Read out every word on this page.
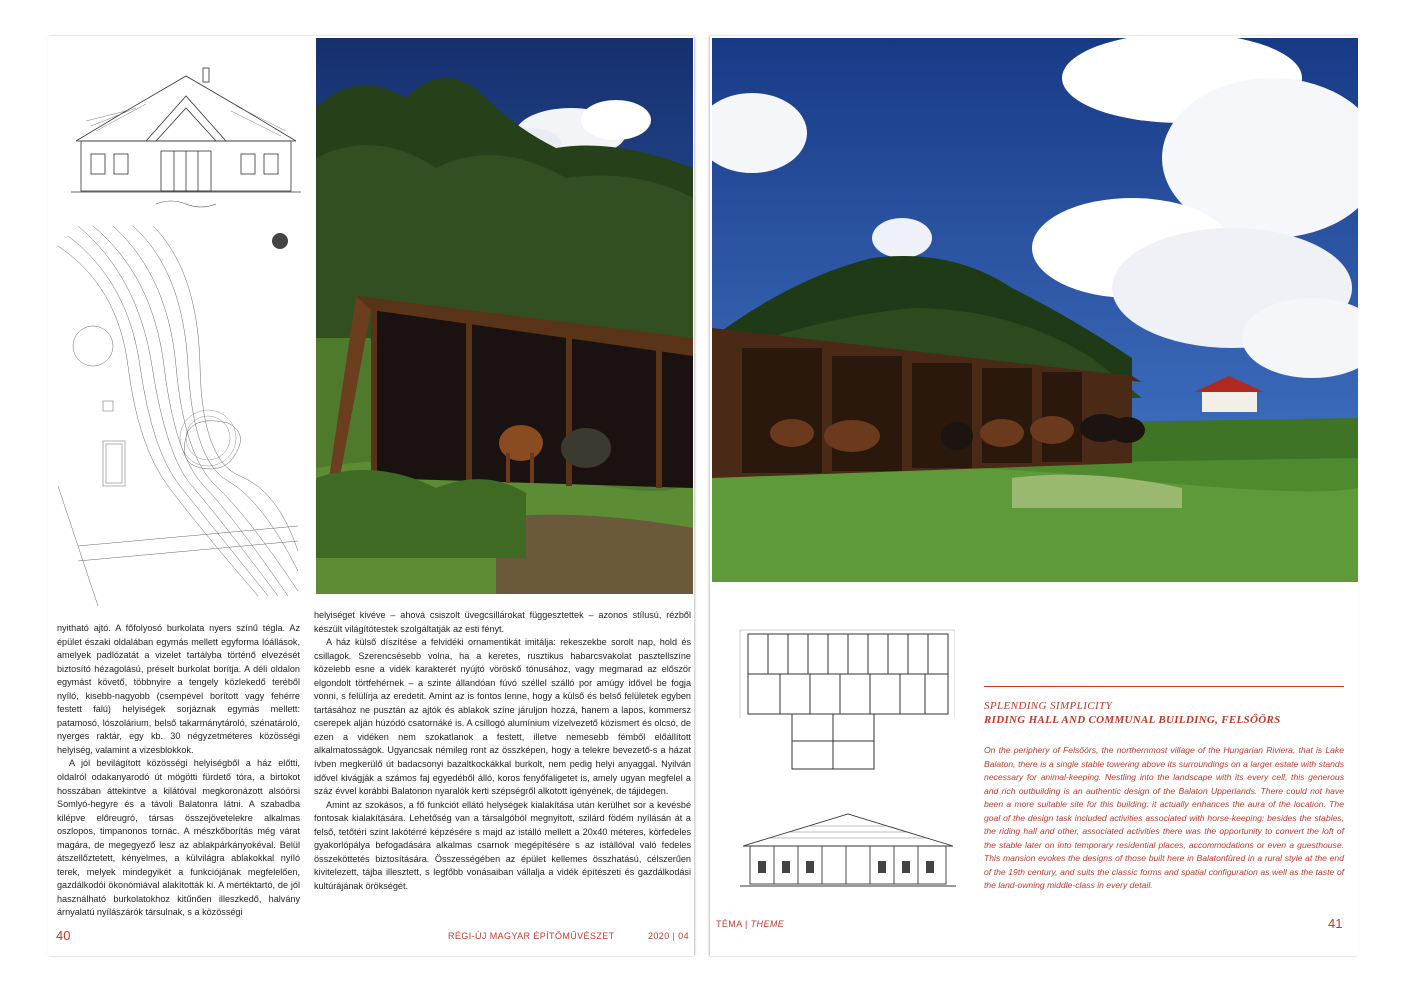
nyitható ajtó. A főfolyosó burkolata nyers színű tégla. Az épület északi oldalában egymás mellett egyforma lóállások, amelyek padlózatát a vizelet tartályba történő elvezését biztosító hézagolású, préselt burkolat borítja. A déli oldalon egymást követő, többnyire a tengely közlekedő teréből nyíló, kisebb-nagyobb (csempével borított vagy fehérre festett falú) helyiségek sorjáznak egymás mellett: patamosó, lószolárium, belső takarmánytároló, szénatároló, nyerges raktár, egy kb. 30 négyzetméteres közösségi helyiség, valamint a vizesblokkok.

A jól bevilágított közösségi helyiségből a ház előtti, oldalról odakanyarodó út mögötti fürdető tóra, a birtokot hosszában áttekintve a kilátóval megkoronázott alsóörsi Somlyó-hegyre és a távoli Balatonra látni. A szabadba kilépve előreugró, társas összejövetelekre alkalmas oszlopos, timpanonos tornác. A mészkőborítás még várat magára, de megegyező lesz az ablakpárkányokéval. Belül átszellőztetett, kényelmes, a külvilágra ablakokkal nyíló terek, melyek mindegyikét a funkciójának megfelelően, gazdálkodói ökonómiával alakították ki. A mértéktartó, de jól használható burkolatokhoz kitűnően illeszkedő, halvány árnyalatú nyílászárók társulnak, s a közösségi

helyiséget kivéve – ahová csiszolt üvegcsillárokat függesztettek – azonos stílusú, rézből készült világítótestek szolgáltatják az esti fényt.

A ház külső díszítése a felvidéki ornamentikát imitálja: rekeszekbe sorolt nap, hold és csillagok. Szerencsésebb volna, ha a keretes, rusztikus habarcsvakolat pasztellszíne közelebb esne a vidék karakterét nyújtó vöröskő tónusához, vagy megmarad az először elgondolt törtfehérnek – a szinte állandóan fúvó széllel szálló por amúgy idővel be fogja vonni, s felülírja az eredetit. Amint az is fontos lenne, hogy a külső és belső felületek egyben tartásához ne pusztán az ajtók és ablakok színe járuljon hozzá, hanem a lapos, kommersz cserepek alján húzódó csatornáké is. A csillogó alumínium vízelvezető közismert és olcsó, de ezen a vidéken nem szokatlanok a festett, illetve nemesebb fémből előállított alkalmatosságok. Ugyancsak némileg ront az összképen, hogy a telekre bevezető-s a házat ívben megkerülő út badacsonyi bazaltkockákkal burkolt, nem pedig helyi anyaggal. Nyilván idővel kivágják a számos faj egyedéből álló, koros fenyőfaligetet is, amely ugyan megfelel a száz évvel korábbi Balatonon nyaralók kerti szépségről alkotott igényének, de tájidegen.

Amint az szokásos, a fő funkciót ellátó helységek kialakítása után kerülhet sor a kevésbé fontosak kialakítására. Lehetőség van a társalgóból megnyitott, szilárd födém nyílásán át a felső, tetőtéri szint lakótérré képzésére s majd az istálló mellett a 20x40 méteres, körfedeles gyakorlópálya befogadására alkalmas csarnok megépítésére s az istállóval való fedeles összeköttetés biztosítására. Összességében az épület kellemes összhatású, célszerűen kivitelezett, tájba illesztett, s legfőbb vonásaiban vállalja a vidék építészeti és gazdálkodási kultúrájának örökségét.

40	RÉGI-ÚJ MAGYAR ÉPÍTŐMŰVÉSZET	2020 | 04
SPLENDING SIMPLICITY
RIDING HALL AND COMMUNAL BUILDING, FELSŐÖRS
On the periphery of Felsőörs, the northernmost village of the Hungarian Riviera, that is Lake Balaton, there is a single stable towering above its surroundings on a larger estate with stands necessary for animal-keeping. Nestling into the landscape with its every cell, this generous and rich outbuilding is an authentic design of the Balaton Upperlands. There could not have been a more suitable site for this building: it actually enhances the aura of the location. The goal of the design task included activities associated with horse-keeping: besides the stables, the riding hall and other, associated activities there was the opportunity to convert the loft of the stable later on into temporary residential places, accommodations or even a guesthouse. This mansion evokes the designs of those built here in Balatonfüred in a rural style at the end of the 19th century, and suits the classic forms and spatial configuration as well as the taste of the land-owning middle-class in every detail.
TÉMA | THEME	41
